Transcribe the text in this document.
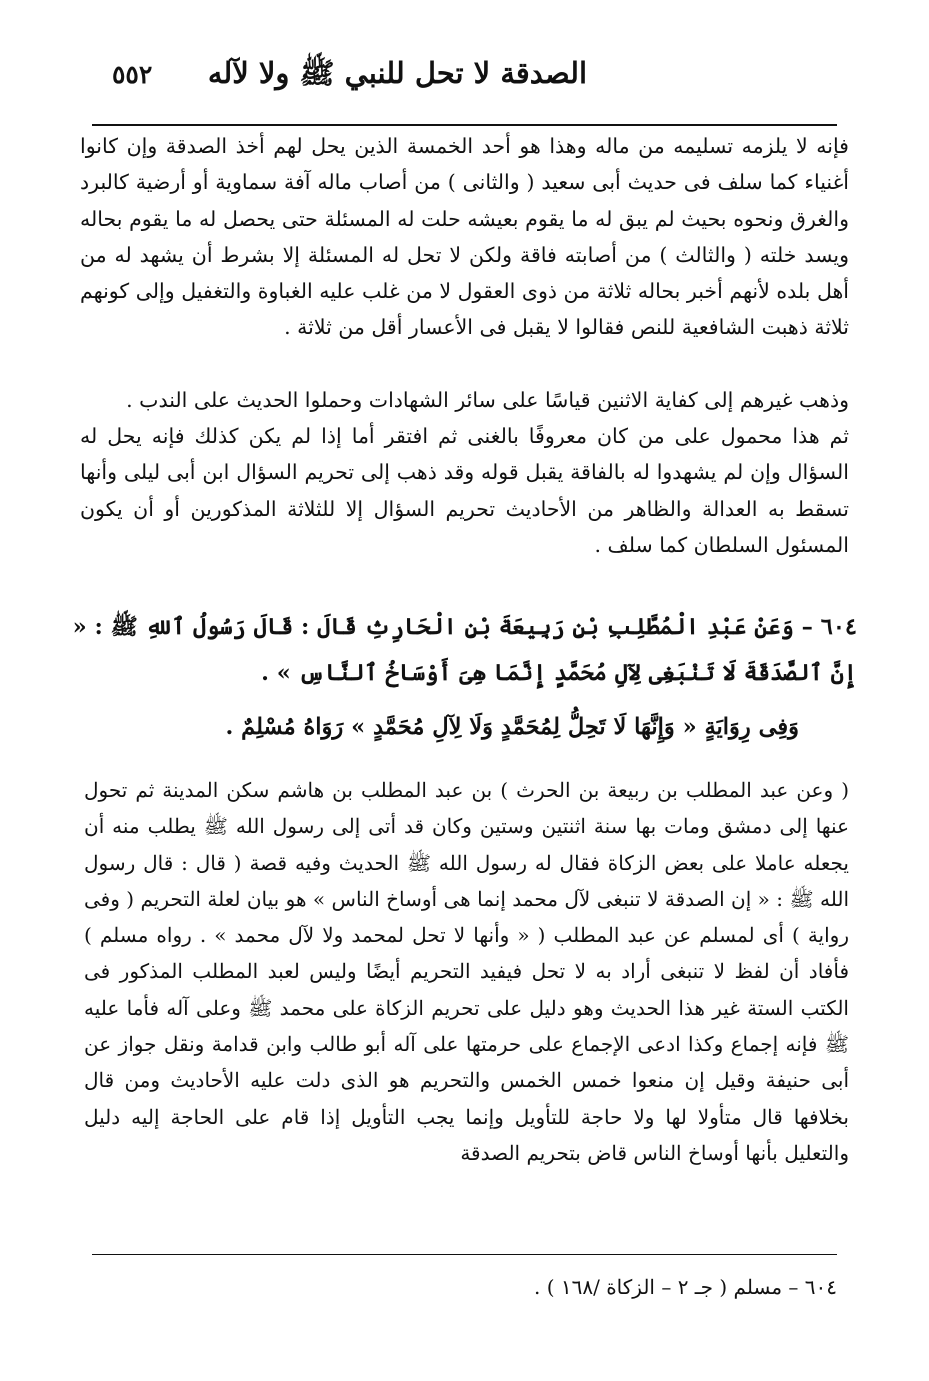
الصدقة لا تحل للنبي ﷺ ولا لآله
٥٥٢
فإنه لا يلزمه تسليمه من ماله وهذا هو أحد الخمسة الذين يحل لهم أخذ الصدقة وإن كانوا أغنياء كما سلف فى حديث أبى سعيد ( والثانى ) من أصاب ماله آفة سماوية أو أرضية كالبرد والغرق ونحوه بحيث لم يبق له ما يقوم بعيشه حلت له المسئلة حتى يحصل له ما يقوم بحاله ويسد خلته ( والثالث ) من أصابته فاقة ولكن لا تحل له المسئلة إلا بشرط أن يشهد له من أهل بلده لأنهم أخبر بحاله ثلاثة من ذوى العقول لا من غلب عليه الغباوة والتغفيل وإلى كونهم ثلاثة ذهبت الشافعية للنص فقالوا لا يقبل فى الأعسار أقل من ثلاثة .
وذهب غيرهم إلى كفاية الاثنين قياسًا على سائر الشهادات وحملوا الحديث على الندب .
ثم هذا محمول على من كان معروفًا بالغنى ثم افتقر أما إذا لم يكن كذلك فإنه يحل له السؤال وإن لم يشهدوا له بالفاقة يقبل قوله وقد ذهب إلى تحريم السؤال ابن أبى ليلى وأنها تسقط به العدالة والظاهر من الأحاديث تحريم السؤال إلا للثلاثة المذكورين أو أن يكون المسئول السلطان كما سلف .
٦٠٤ – وَعَنْ عَبْدِ الْمُطَّلِبِ بْنِ رَبِيعَةَ بْنِ الْحَارِثِ قَالَ : قَالَ رَسُولُ ٱللهِ ﷺ : « إِنَّ ٱلصَّدَقَةَ لَا تَنْبَغِى لِآلِ مُحَمَّدٍ إِنَّمَا هِىَ أَوْسَاخُ ٱلنَّاسِ » .
وَفِى رِوَايَةٍ « وَإِنَّهَا لَا تَحِلُّ لِمُحَمَّدٍ وَلَا لِآلِ مُحَمَّدٍ » رَوَاهُ مُسْلِمٌ .
( وعن عبد المطلب بن ربيعة بن الحرث ) بن عبد المطلب بن هاشم سكن المدينة ثم تحول عنها إلى دمشق ومات بها سنة اثنتين وستين وكان قد أتى إلى رسول الله ﷺ يطلب منه أن يجعله عاملا على بعض الزكاة فقال له رسول الله ﷺ الحديث وفيه قصة ( قال : قال رسول الله ﷺ : « إن الصدقة لا تنبغى لآل محمد إنما هى أوساخ الناس » هو بيان لعلة التحريم ( وفى رواية ) أى لمسلم عن عبد المطلب ( « وأنها لا تحل لمحمد ولا لآل محمد » . رواه مسلم ) فأفاد أن لفظ لا تنبغى أراد به لا تحل فيفيد التحريم أيضًا وليس لعبد المطلب المذكور فى الكتب الستة غير هذا الحديث وهو دليل على تحريم الزكاة على محمد ﷺ وعلى آله فأما عليه ﷺ فإنه إجماع وكذا ادعى الإجماع على حرمتها على آله أبو طالب وابن قدامة ونقل جواز عن أبى حنيفة وقيل إن منعوا خمس الخمس والتحريم هو الذى دلت عليه الأحاديث ومن قال بخلافها قال متأولا لها ولا حاجة للتأويل وإنما يجب التأويل إذا قام على الحاجة إليه دليل والتعليل بأنها أوساخ الناس قاض بتحريم الصدقة
٦٠٤ – مسلم ( جـ ٢ – الزكاة /١٦٨ ) .
